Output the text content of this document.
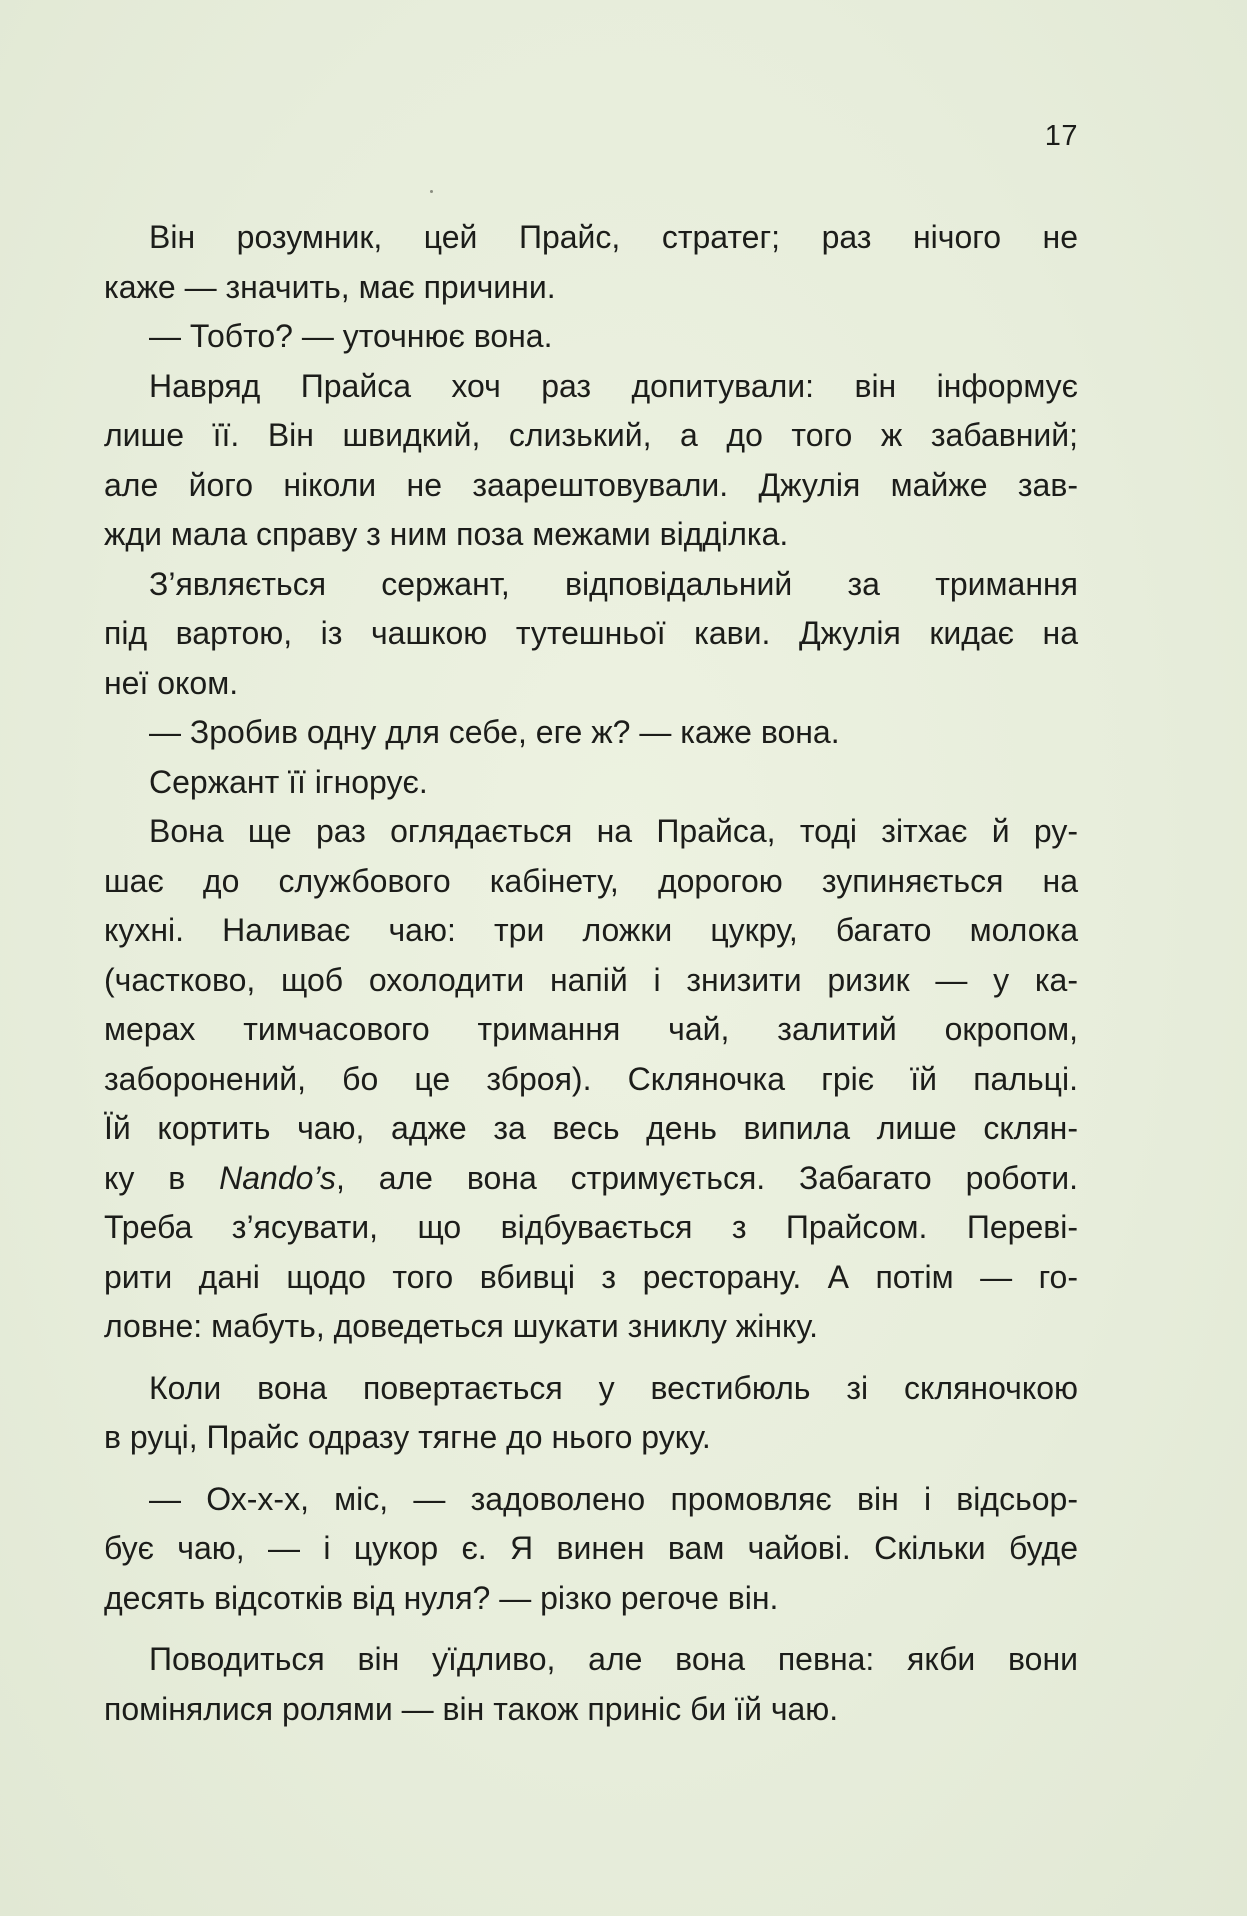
17

Він розумник, цей Прайс, стратег; раз нічого не
каже — значить, має причини.

— Тобто? — уточнює вона.

Навряд Прайса хоч раз допитували: він інформує
лише її. Він швидкий, слизький, а до того ж забавний;
але його ніколи не заарештовували. Джулія майже зав-
жди мала справу з ним поза межами відділка.

З’являється сержант, відповідальний за тримання
під вартою, із чашкою тутешньої кави. Джулія кидає на
неї оком.

— Зробив одну для себе, еге ж? — каже вона.

Сержант її ігнорує.

Вона ще раз оглядається на Прайса, тоді зітхає й ру-
шає до службового кабінету, дорогою зупиняється на
кухні. Наливає чаю: три ложки цукру, багато молока
(частково, щоб охолодити напій і знизити ризик — у ка-
мерах тимчасового тримання чай, залитий окропом,
заборонений, бо це зброя). Скляночка гріє їй пальці.
Їй кортить чаю, адже за весь день випила лише склян-
ку в Nando’s, але вона стримується. Забагато роботи.
Треба з’ясувати, що відбувається з Прайсом. Переві-
рити дані щодо того вбивці з ресторану. А потім — го-
ловне: мабуть, доведеться шукати зниклу жінку.

Коли вона повертається у вестибюль зі скляночкою
в руці, Прайс одразу тягне до нього руку.

— Ох-х-х, міс, — задоволено промовляє він і відсьор-
бує чаю, — і цукор є. Я винен вам чайові. Скільки буде
десять відсотків від нуля? — різко регоче він.

Поводиться він уїдливо, але вона певна: якби вони
помінялися ролями — він також приніс би їй чаю.
